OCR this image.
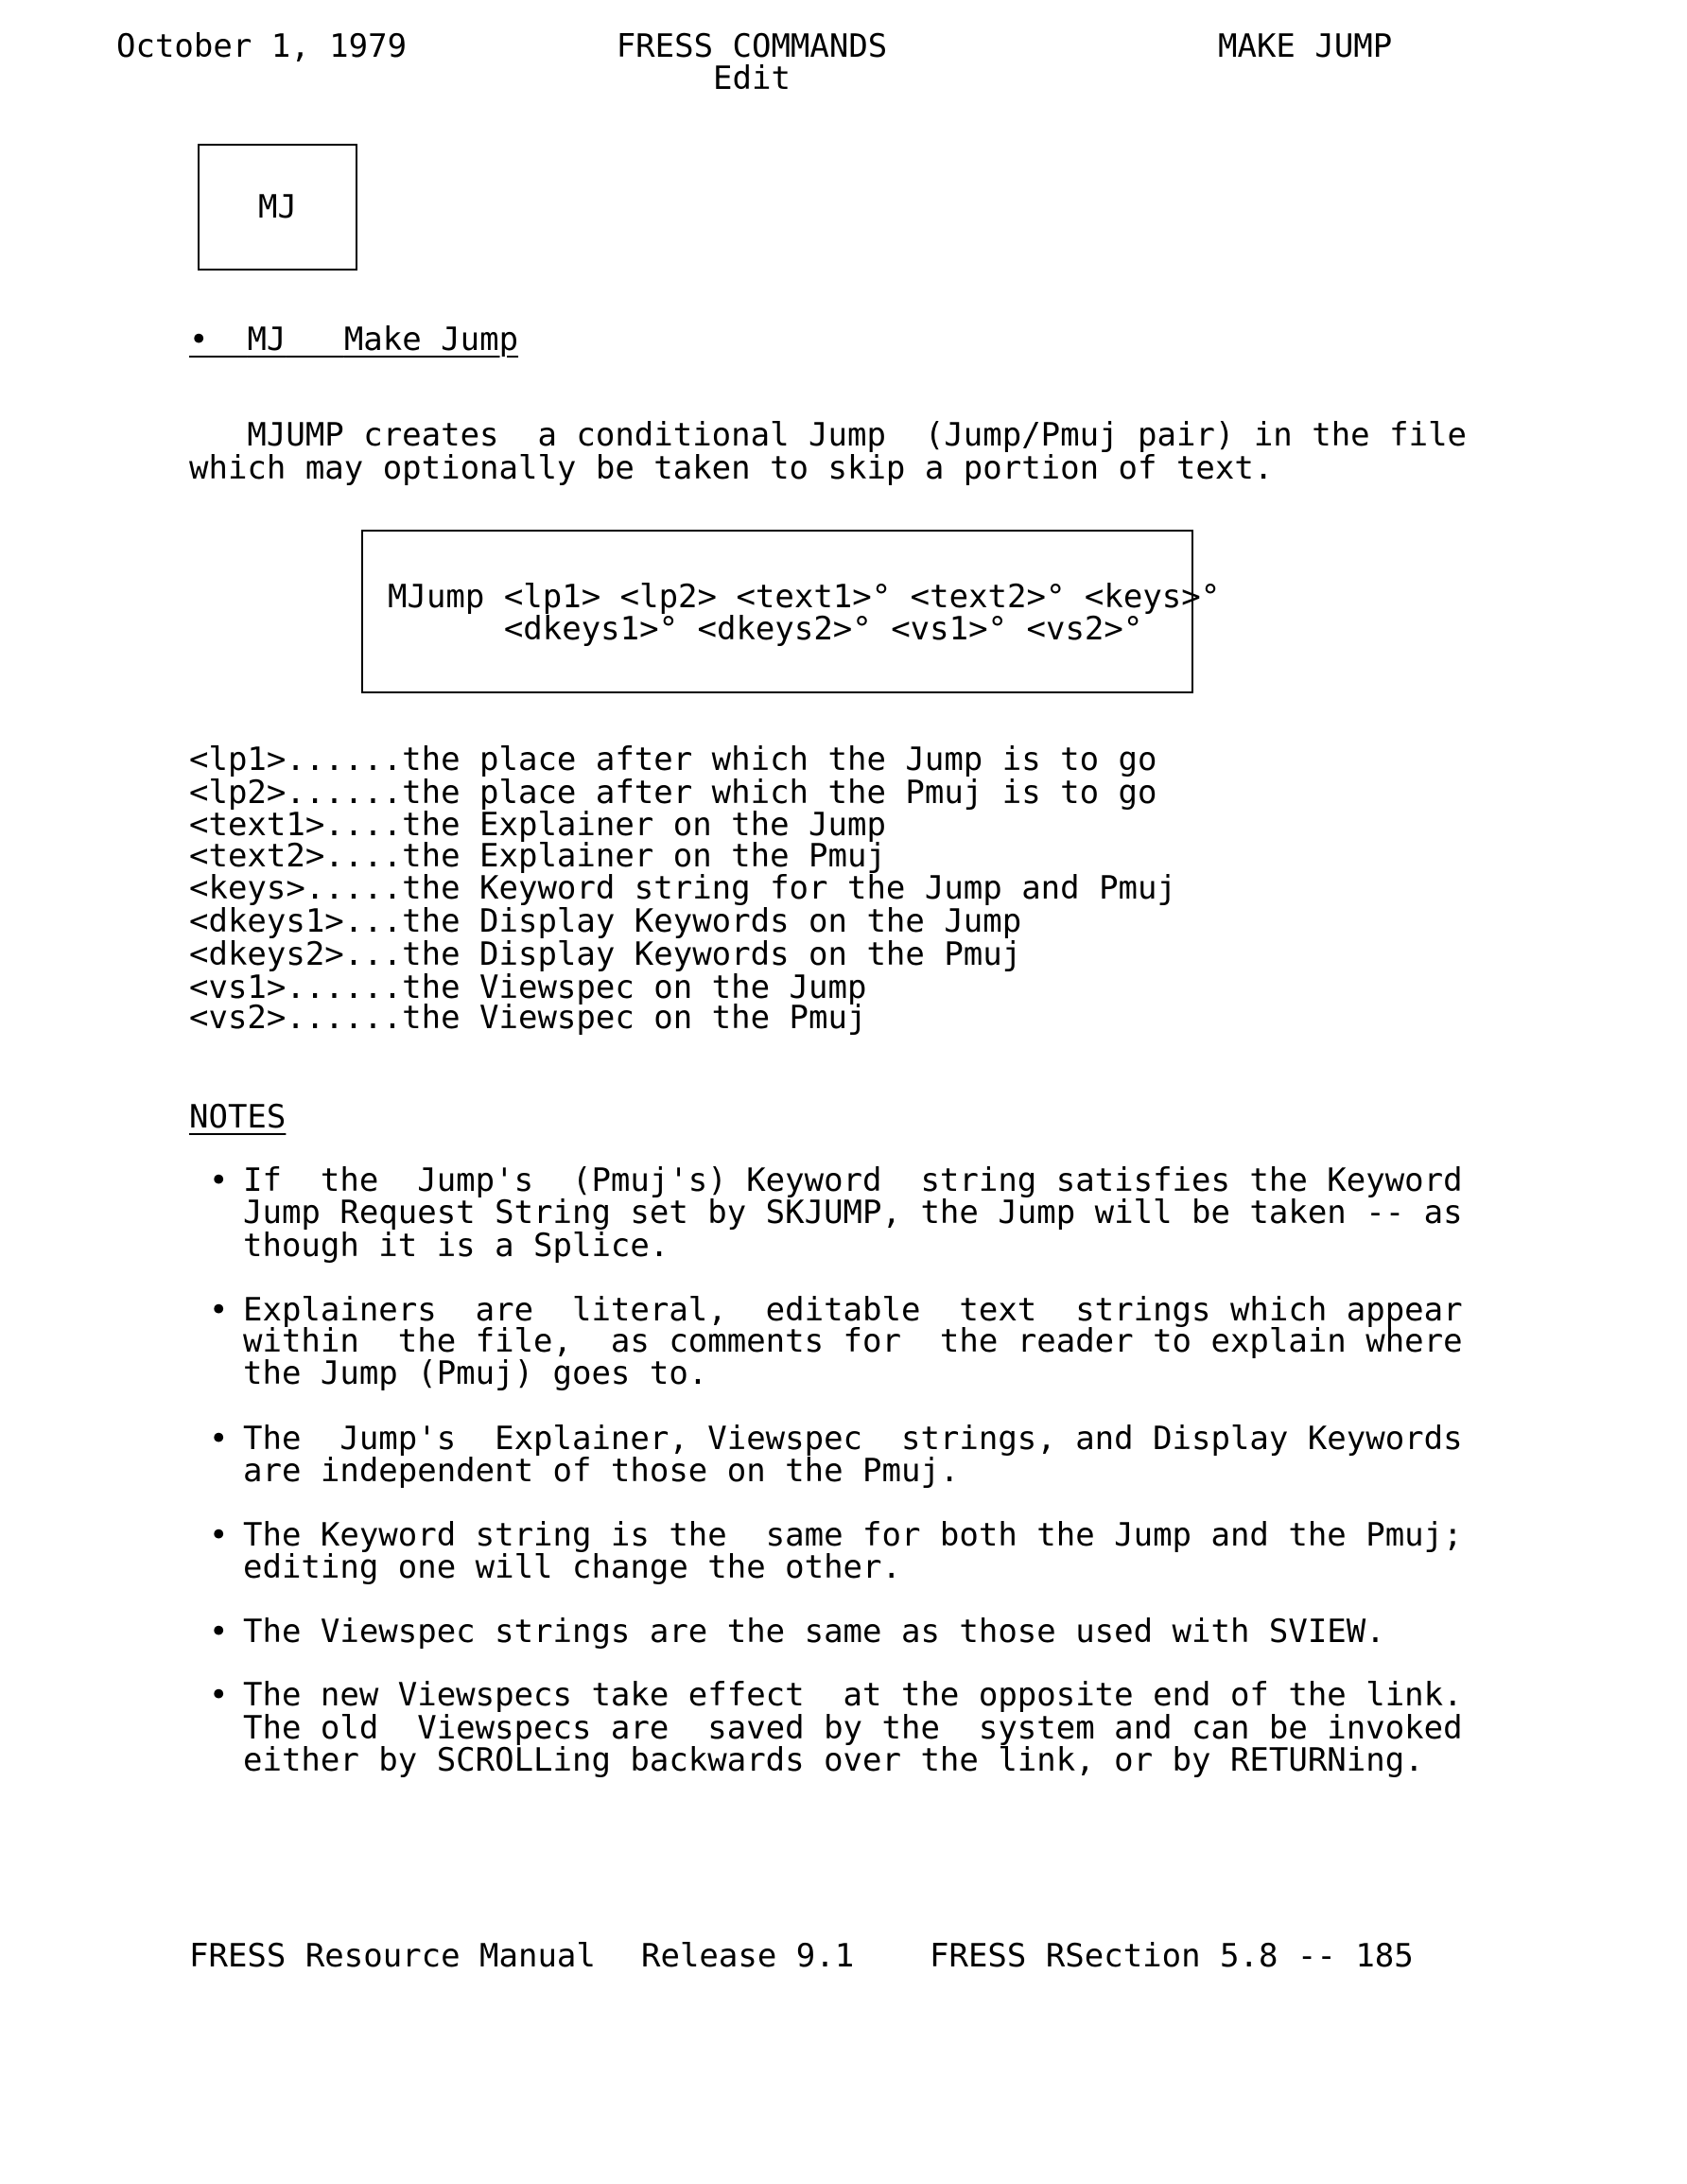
October 1, 1979	FRESS COMMANDS
Edit
MAKE JUMP
MJ
• MJ Make Jump
MJUMP creates  a conditional Jump  (Jump/Pmuj pair) in the file
which may optionally be taken to skip a portion of text.
MJump <lp1> <lp2> <text1>° <text2>° <keys>°
<dkeys1>° <dkeys2>° <vs1>° <vs2>°
<lp1>......the place after which the Jump is to go
<lp2>......the place after which the Pmuj is to go
<text1>....the Explainer on the Jump
<text2>....the Explainer on the Pmuj
<keys>.....the Keyword string for the Jump and Pmuj
<dkeys1>...the Display Keywords on the Jump
<dkeys2>...the Display Keywords on the Pmuj
<vs1>......the Viewspec on the Jump
<vs2>......the Viewspec on the Pmuj
NOTES
• If  the  Jump's  (Pmuj's) Keyword  string satisfies the Keyword
Jump Request String set by SKJUMP, the Jump will be taken -- as
though it is a Splice.
• Explainers  are  literal,  editable  text  strings which appear
within  the file,  as comments for  the reader to explain where
the Jump (Pmuj) goes to.
• The  Jump's  Explainer, Viewspec  strings, and Display Keywords
are independent of those on the Pmuj.
• The Keyword string is the  same for both the Jump and the Pmuj;
editing one will change the other.
• The Viewspec strings are the same as those used with SVIEW.
• The new Viewspecs take effect  at the opposite end of the link.
The old  Viewspecs are  saved by the  system and can be invoked
either by SCROLLing backwards over the link, or by RETURNing.
FRESS Resource Manual Release 9.1 FRESS RSection 5.8 -- 185
